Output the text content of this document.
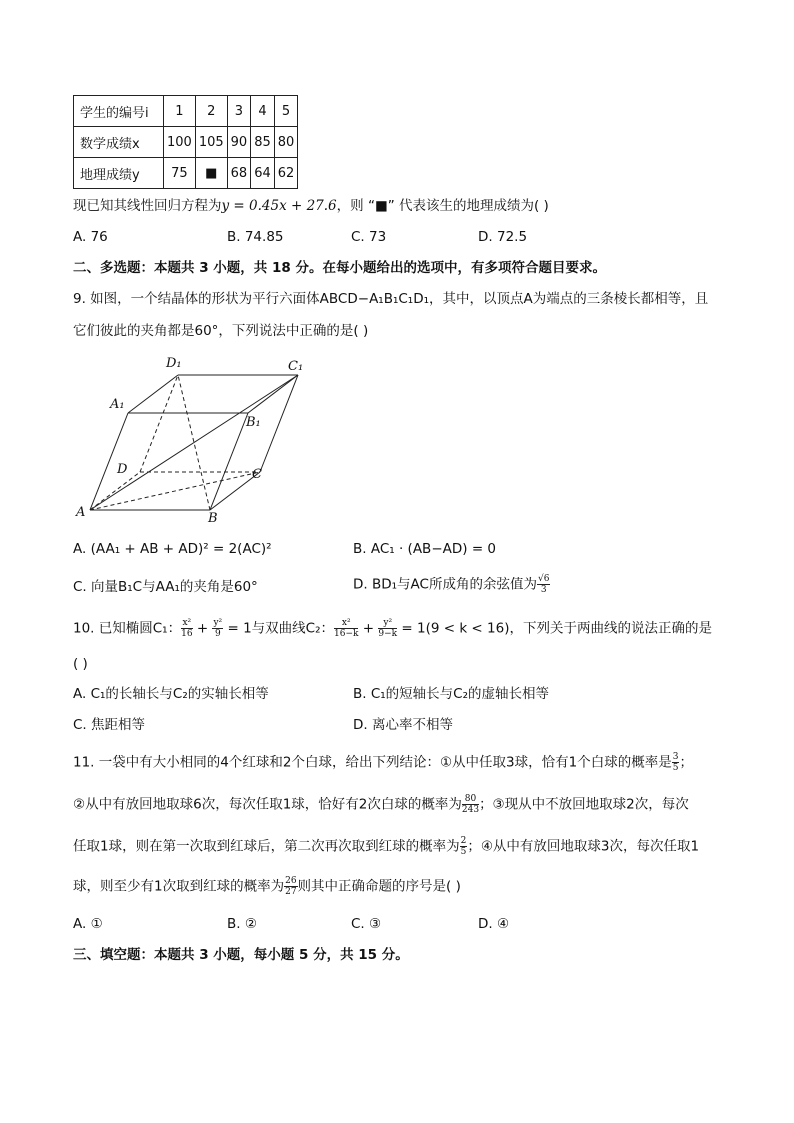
学生的编号i	1	2	3	4	5
数学成绩x	100	105	90	85	80
地理成绩y	75	■	68	64	62
现已知其线性回归方程为y = 0.45x + 27.6，则 “■” 代表该生的地理成绩为( )
A. 76	B. 74.85	C. 73	D. 72.5
二、多选题：本题共 3 小题，共 18 分。在每小题给出的选项中，有多项符合题目要求。
9. 如图，一个结晶体的形状为平行六面体ABCD−A₁B₁C₁D₁，其中，以顶点A为端点的三条棱长都相等，且
它们彼此的夹角都是60°，下列说法中正确的是( )
D₁	C₁
A₁
B₁
D	C
A	B
A. (AA₁ + AB + AD)² = 2(AC)²	B. AC₁ · (AB−AD) = 0
C. 向量B₁C与AA₁的夹角是60°	D. BD₁与AC所成角的余弦值为 $\frac{√6}{3}$
10. 已知椭圆C₁： $\frac{\text{x²}}{16} + \frac{\text{y²}}{9} = 1$与双曲线C₂： $\frac{\text{x²}}{16-k} + \frac{\text{y²}}{9-k} = 1(9 < k < 16)$，下列关于两曲线的说法正确的是
( )
A. C₁的长轴长与C₂的实轴长相等	B. C₁的短轴长与C₂的虚轴长相等
C. 焦距相等	D. 离心率不相等
11. 一袋中有大小相同的4个红球和2个白球，给出下列结论：①从中任取3球，恰有1个白球的概率是 $\frac{3}{5}$ ；
②从中有放回地取球6次，每次任取1球，恰好有2次白球的概率为 $\frac{80}{243}$ ；③现从中不放回地取球2次，每次
任取1球，则在第一次取到红球后，第二次再次取到红球的概率为 $\frac{2}{5}$ ；④从中有放回地取球3次，每次任取1
球，则至少有1次取到红球的概率为 $\frac{26}{27}$ 则其中正确命题的序号是( )
A. ①	B. ②	C. ③	D. ④
三、填空题：本题共 3 小题，每小题 5 分，共 15 分。
